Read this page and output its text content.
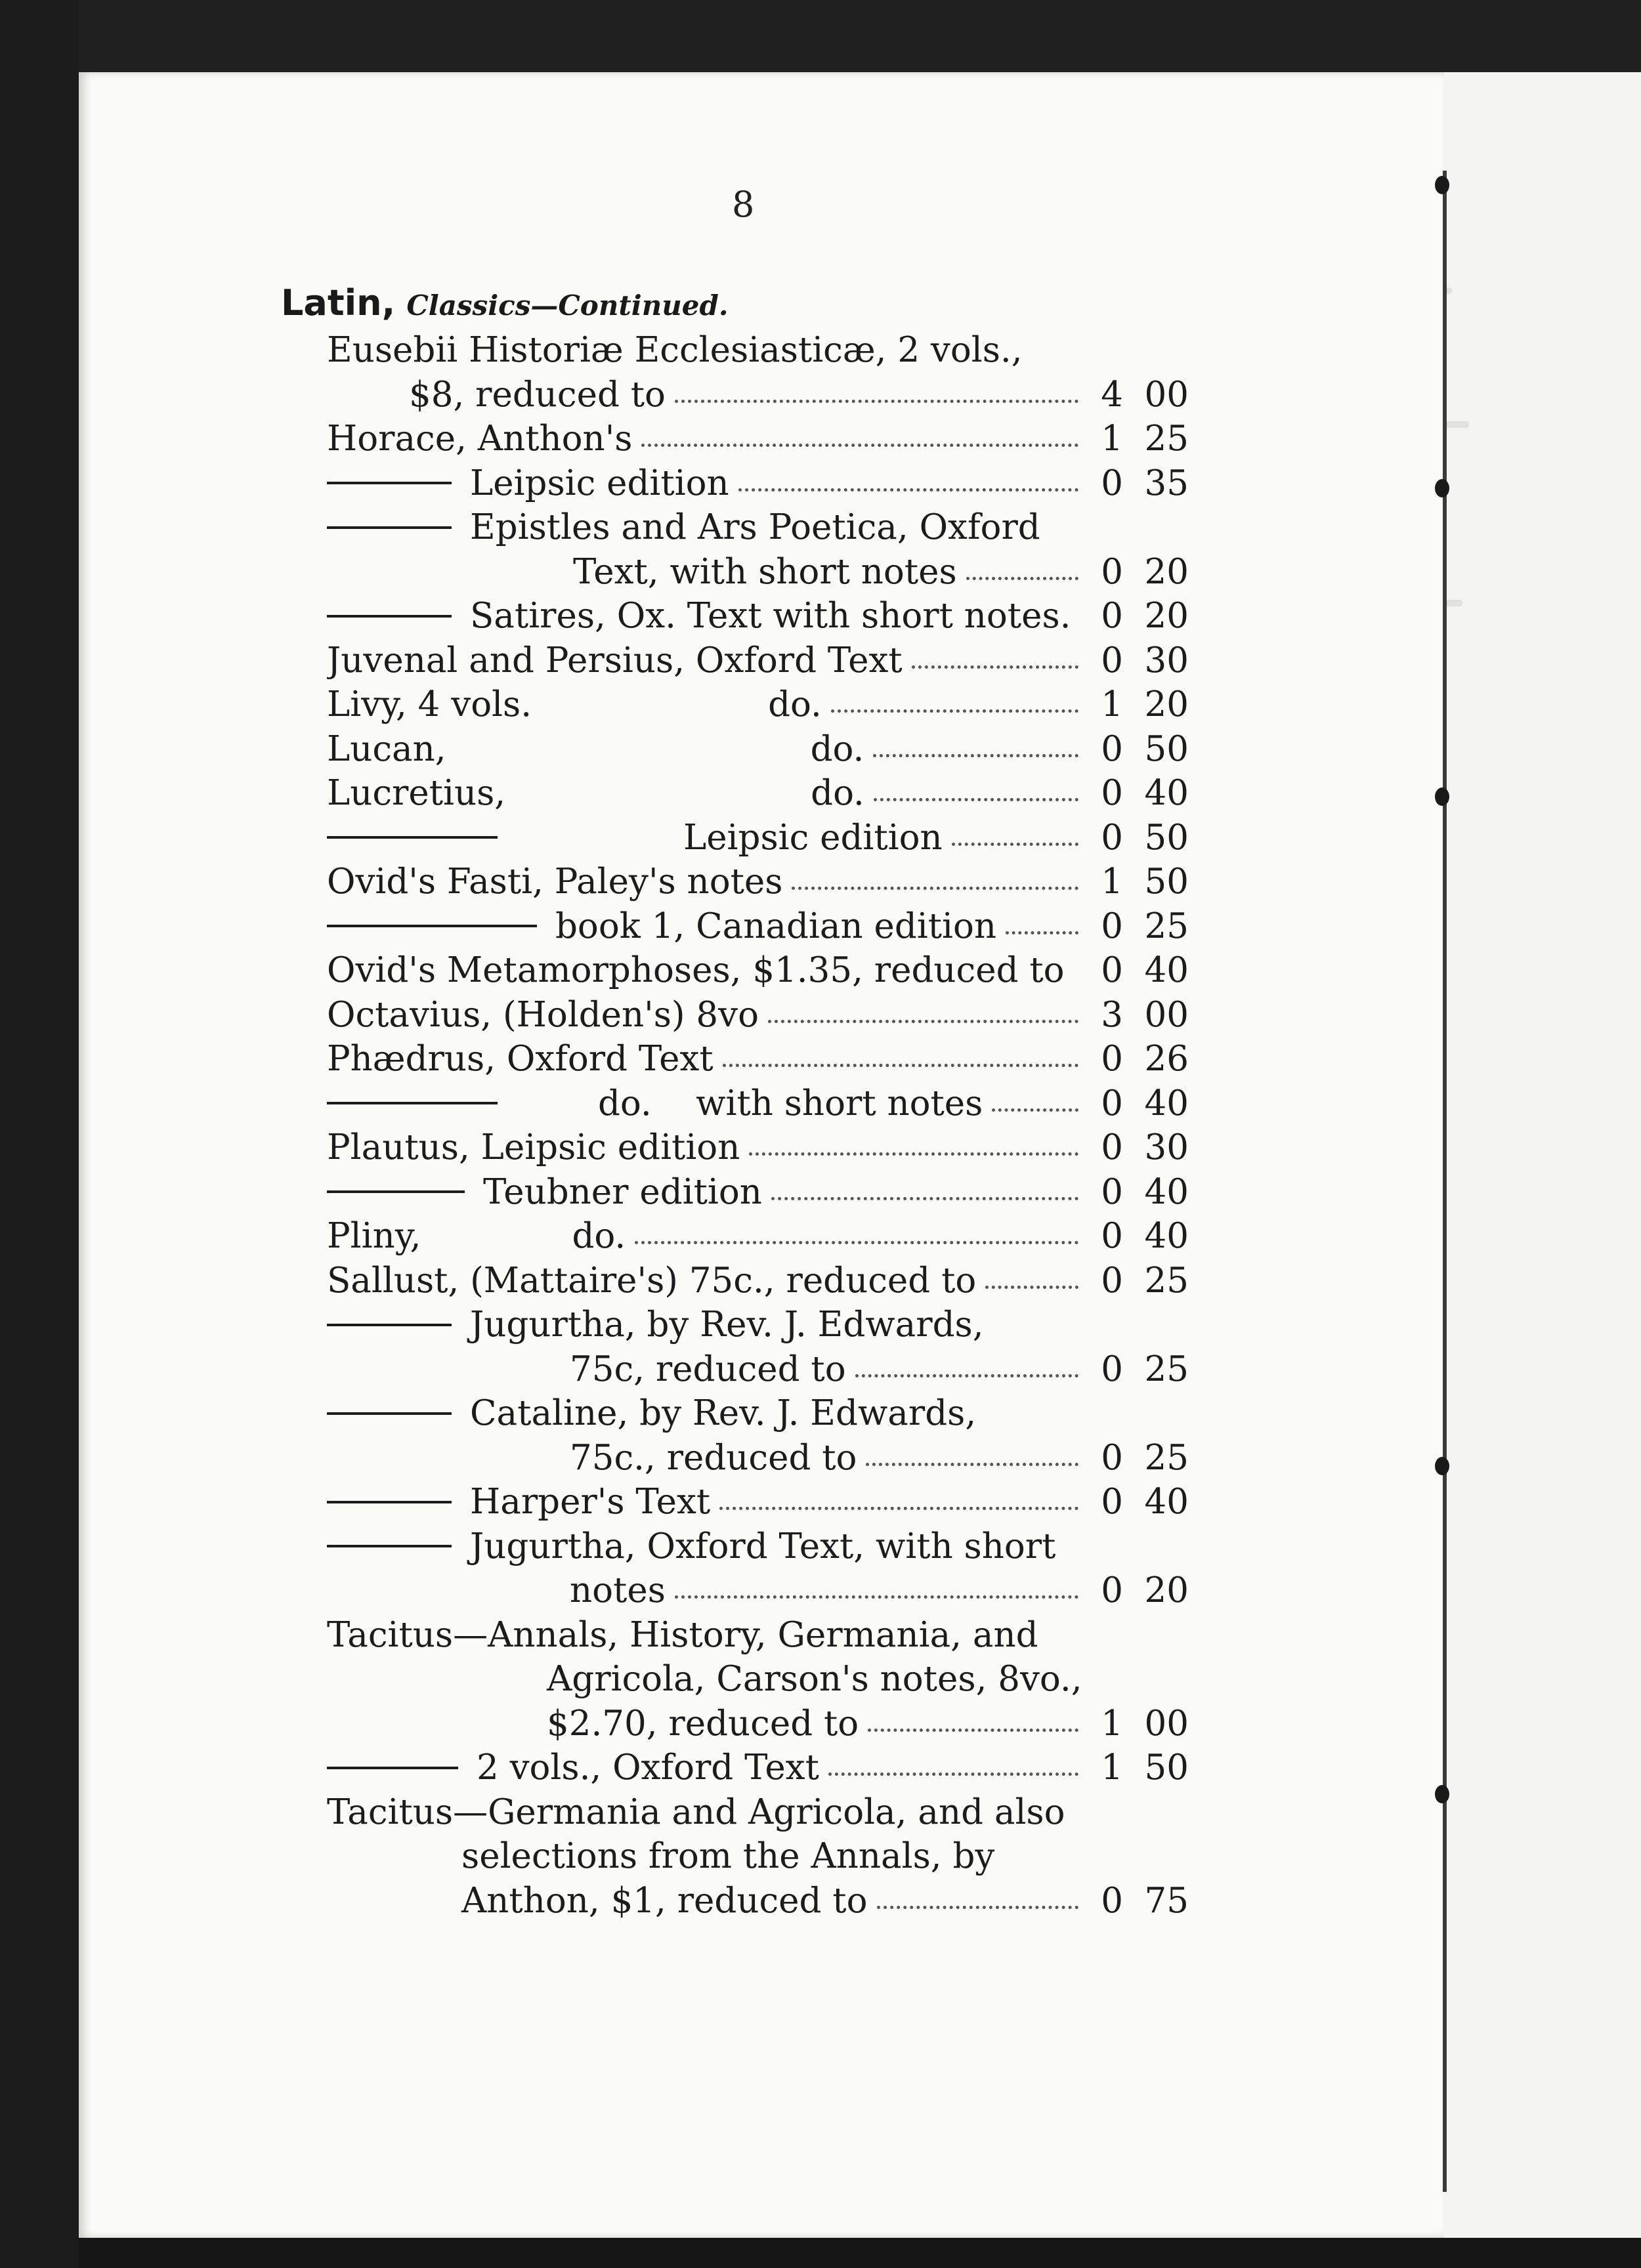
8
Latin, Classics—Continued.
Eusebii Historiæ Ecclesiasticæ, 2 vols.,
$8, reduced to	4 00
Horace, Anthon's	1 25
Leipsic edition	0 35
Epistles and Ars Poetica, Oxford
Text, with short notes	0 20
Satires, Ox. Text with short notes. 0 20
Juvenal and Persius, Oxford Text	0 30
Livy, 4 vols.	do.	1 20
Lucan,	do.	0 50
Lucretius,	do.	0 40
Leipsic edition	0 50
Ovid's Fasti, Paley's notes	1 50
book 1, Canadian edition	0 25
Ovid's Metamorphoses, $1.35, reduced to	0 40
Octavius, (Holden's) 8vo	3 00
Phædrus, Oxford Text	0 26
do.    with short notes	0 40
Plautus, Leipsic edition	0 30
Teubner edition	0 40
Pliny,	do.	0 40
Sallust, (Mattaire's) 75c., reduced to	0 25
Jugurtha, by Rev. J. Edwards,
75c, reduced to	0 25
Cataline, by Rev. J. Edwards,
75c., reduced to	0 25
Harper's Text	0 40
Jugurtha, Oxford Text, with short
notes	0 20
Tacitus—Annals, History, Germania, and
Agricola, Carson's notes, 8vo.,
$2.70, reduced to	1 00
2 vols., Oxford Text	1 50
Tacitus—Germania and Agricola, and also
selections from the Annals, by
Anthon, $1, reduced to	0 75
